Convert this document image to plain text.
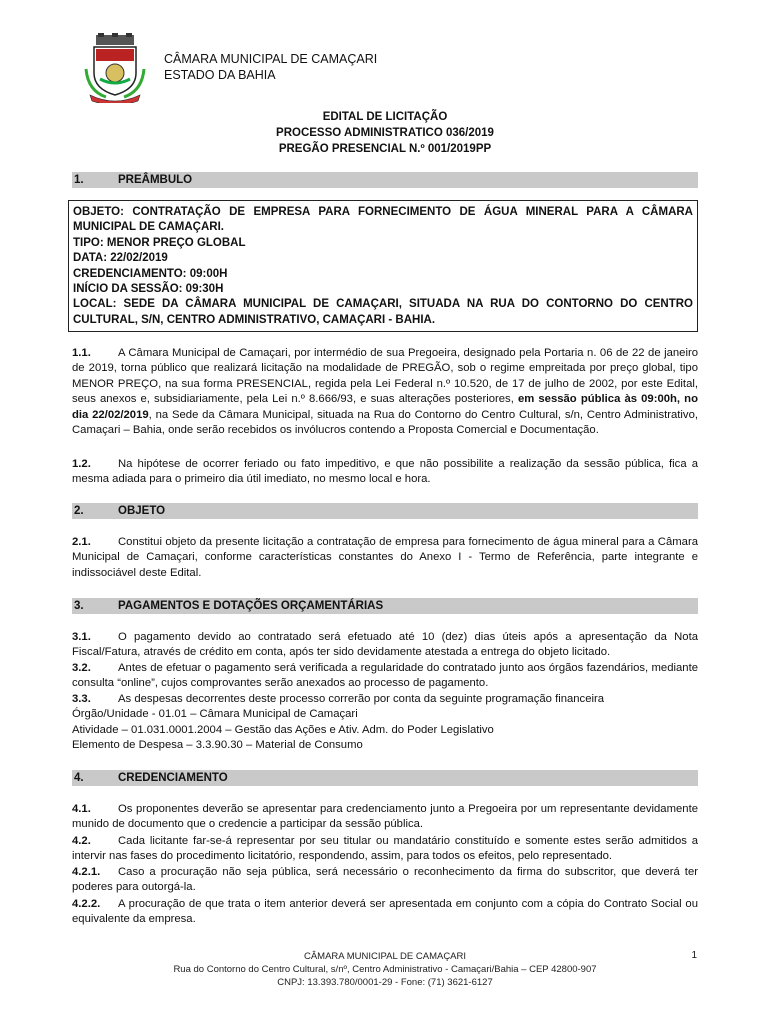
CÂMARA MUNICIPAL DE CAMAÇARI
ESTADO DA BAHIA
EDITAL DE LICITAÇÃO
PROCESSO ADMINISTRATICO 036/2019
PREGÃO PRESENCIAL N.º 001/2019PP
1.	PREÂMBULO
OBJETO: CONTRATAÇÃO DE EMPRESA PARA FORNECIMENTO DE ÁGUA MINERAL PARA A CÂMARA MUNICIPAL DE CAMAÇARI.
TIPO: MENOR PREÇO GLOBAL
DATA: 22/02/2019
CREDENCIAMENTO: 09:00H
INÍCIO DA SESSÃO: 09:30H
LOCAL: SEDE DA CÂMARA MUNICIPAL DE CAMAÇARI, SITUADA NA RUA DO CONTORNO DO CENTRO CULTURAL, S/N, CENTRO ADMINISTRATIVO, CAMAÇARI - BAHIA.
1.1. A Câmara Municipal de Camaçari, por intermédio de sua Pregoeira, designado pela Portaria n. 06 de 22 de janeiro de 2019, torna público que realizará licitação na modalidade de PREGÃO, sob o regime empreitada por preço global, tipo MENOR PREÇO, na sua forma PRESENCIAL, regida pela Lei Federal n.º 10.520, de 17 de julho de 2002, por este Edital, seus anexos e, subsidiariamente, pela Lei n.º 8.666/93, e suas alterações posteriores, em sessão pública às 09:00h, no dia 22/02/2019, na Sede da Câmara Municipal, situada na Rua do Contorno do Centro Cultural, s/n, Centro Administrativo, Camaçari – Bahia, onde serão recebidos os invólucros contendo a Proposta Comercial e Documentação.
1.2. Na hipótese de ocorrer feriado ou fato impeditivo, e que não possibilite a realização da sessão pública, fica a mesma adiada para o primeiro dia útil imediato, no mesmo local e hora.
2.	OBJETO
2.1. Constitui objeto da presente licitação a contratação de empresa para fornecimento de água mineral para a Câmara Municipal de Camaçari, conforme características constantes do Anexo I - Termo de Referência, parte integrante e indissociável deste Edital.
3.	PAGAMENTOS E DOTAÇÕES ORÇAMENTÁRIAS
3.1. O pagamento devido ao contratado será efetuado até 10 (dez) dias úteis após a apresentação da Nota Fiscal/Fatura, através de crédito em conta, após ter sido devidamente atestada a entrega do objeto licitado.
3.2. Antes de efetuar o pagamento será verificada a regularidade do contratado junto aos órgãos fazendários, mediante consulta “online”, cujos comprovantes serão anexados ao processo de pagamento.
3.3. As despesas decorrentes deste processo correrão por conta da seguinte programação financeira
Órgão/Unidade - 01.01 – Câmara Municipal de Camaçari
Atividade – 01.031.0001.2004 – Gestão das Ações e Ativ. Adm. do Poder Legislativo
Elemento de Despesa – 3.3.90.30 – Material de Consumo
4.	CREDENCIAMENTO
4.1. Os proponentes deverão se apresentar para credenciamento junto a Pregoeira por um representante devidamente munido de documento que o credencie a participar da sessão pública.
4.2. Cada licitante far-se-á representar por seu titular ou mandatário constituído e somente estes serão admitidos a intervir nas fases do procedimento licitatório, respondendo, assim, para todos os efeitos, pelo representado.
4.2.1. Caso a procuração não seja pública, será necessário o reconhecimento da firma do subscritor, que deverá ter poderes para outorgá-la.
4.2.2. A procuração de que trata o item anterior deverá ser apresentada em conjunto com a cópia do Contrato Social ou equivalente da empresa.
CÂMARA MUNICIPAL DE CAMAÇARI
Rua do Contorno do Centro Cultural, s/nº, Centro Administrativo - Camaçari/Bahia – CEP 42800-907
CNPJ: 13.393.780/0001-29 - Fone: (71) 3621-6127
1
